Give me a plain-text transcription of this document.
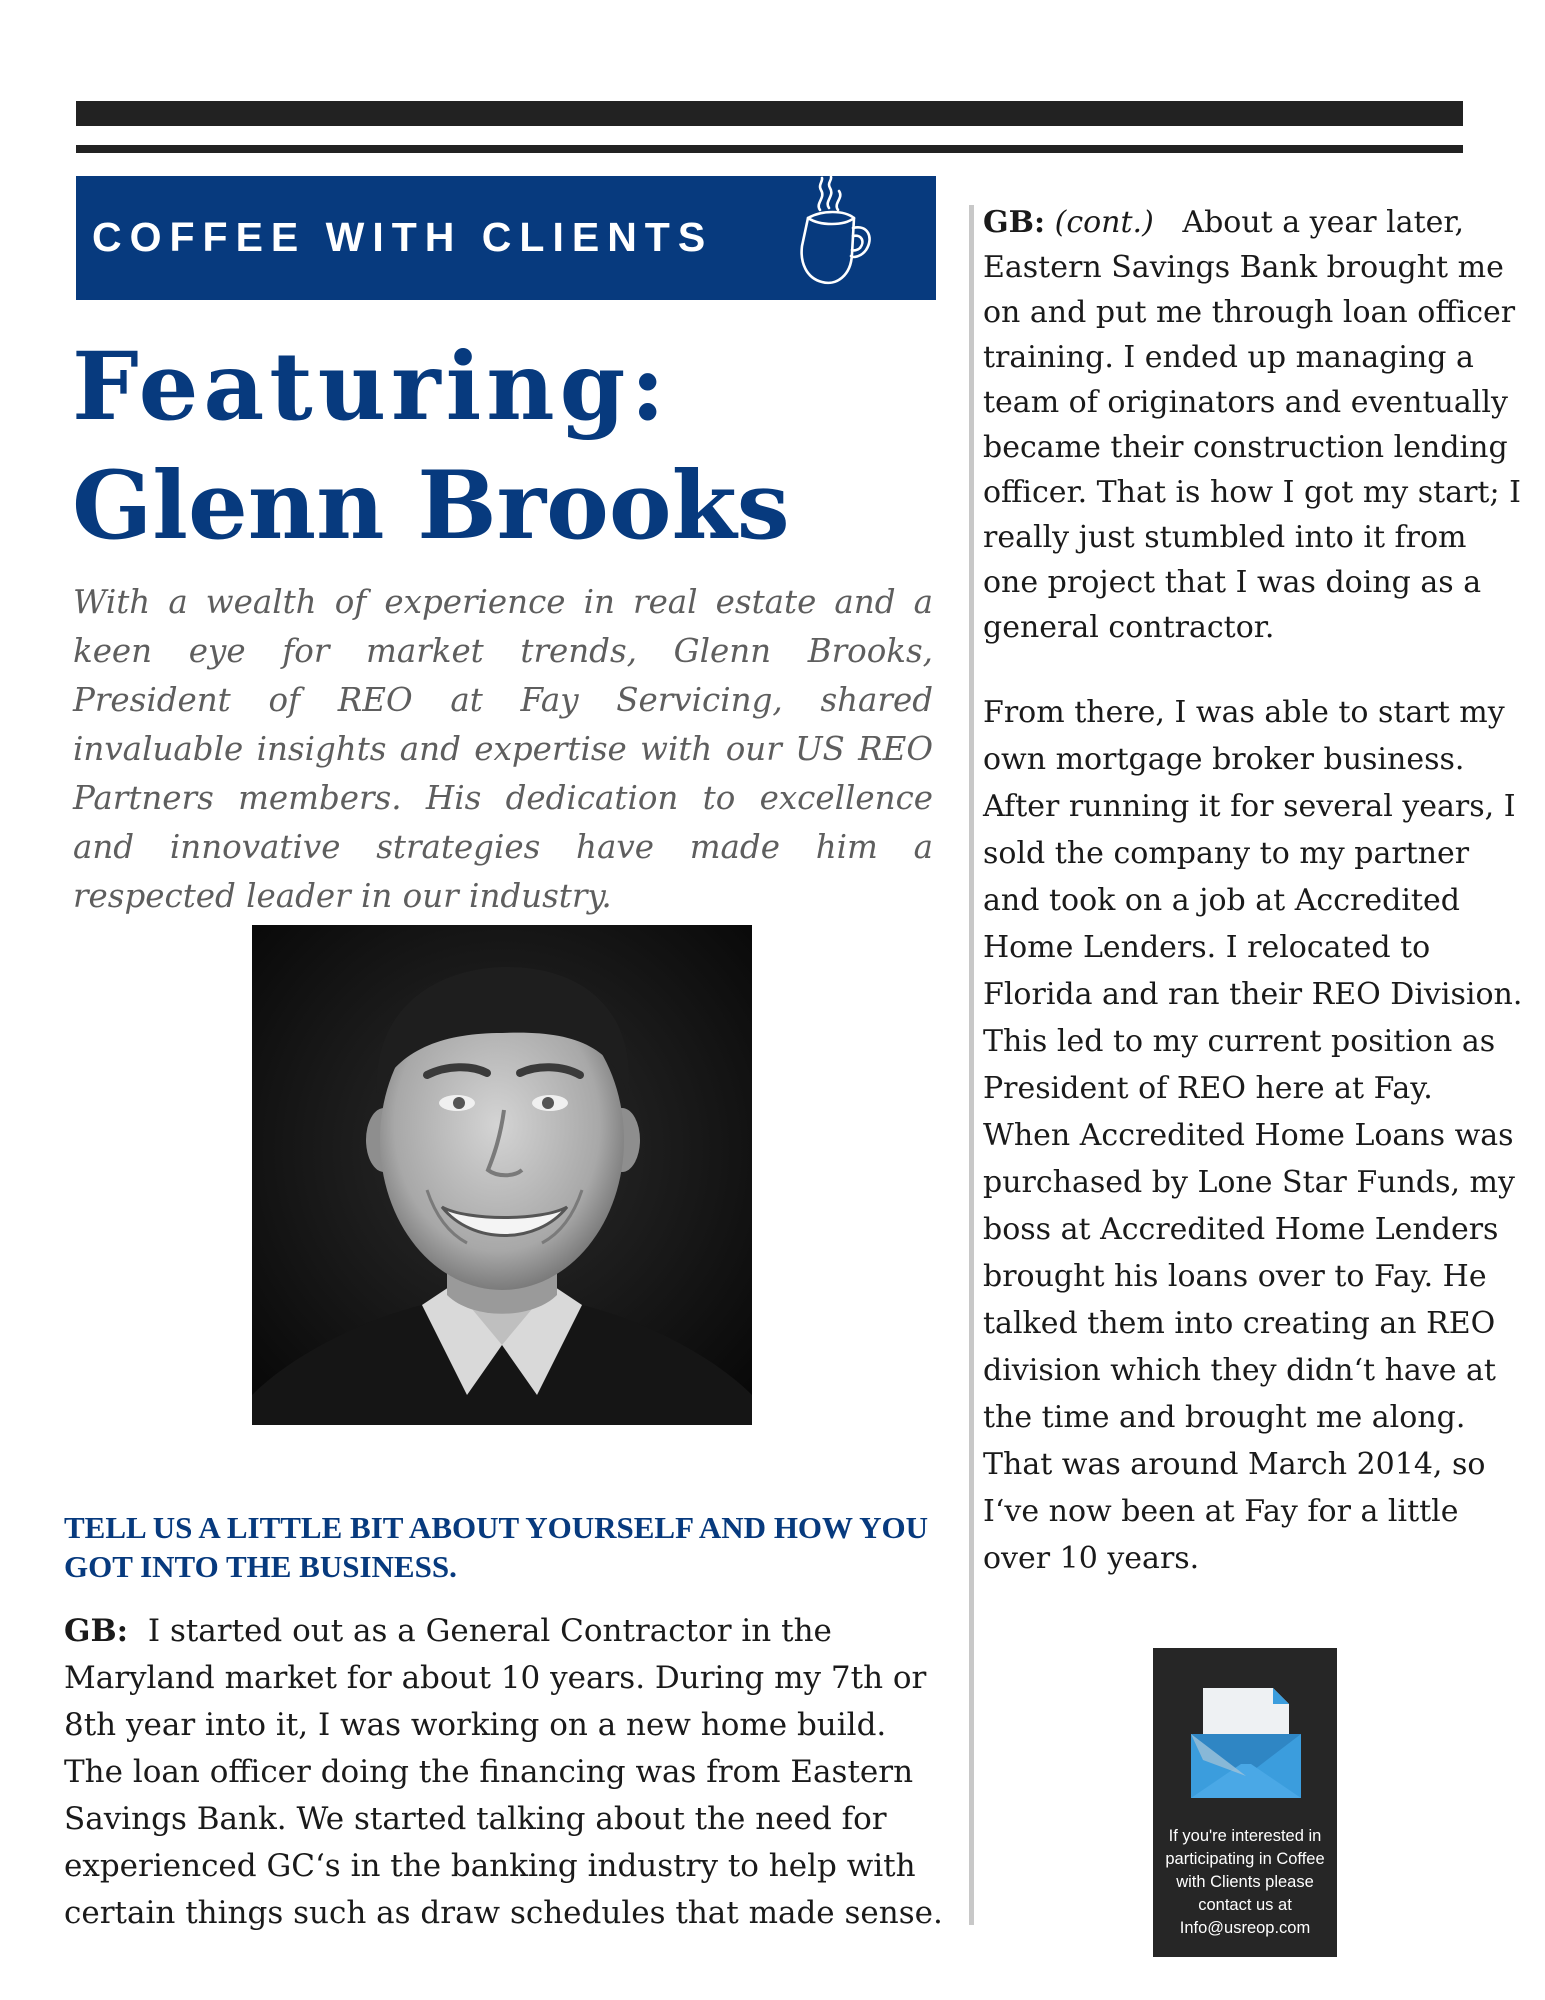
COFFEE WITH CLIENTS
Featuring:
Glenn Brooks

With a wealth of experience in real estate and a keen eye for market trends, Glenn Brooks, President of REO at Fay Servicing, shared invaluable insights and expertise with our US REO Partners members. His dedication to excellence and innovative strategies have made him a respected leader in our industry.

TELL US A LITTLE BIT ABOUT YOURSELF AND HOW YOU GOT INTO THE BUSINESS.

GB: I started out as a General Contractor in the Maryland market for about 10 years. During my 7th or 8th year into it, I was working on a new home build. The loan officer doing the financing was from Eastern Savings Bank. We started talking about the need for experienced GC‘s in the banking industry to help with certain things such as draw schedules that made sense.

GB: (cont.) About a year later, Eastern Savings Bank brought me on and put me through loan officer training. I ended up managing a team of originators and eventually became their construction lending officer. That is how I got my start; I really just stumbled into it from one project that I was doing as a general contractor.

From there, I was able to start my own mortgage broker business. After running it for several years, I sold the company to my partner and took on a job at Accredited Home Lenders. I relocated to Florida and ran their REO Division. This led to my current position as President of REO here at Fay. When Accredited Home Loans was purchased by Lone Star Funds, my boss at Accredited Home Lenders brought his loans over to Fay. He talked them into creating an REO division which they didn‘t have at the time and brought me along. That was around March 2014, so I‘ve now been at Fay for a little over 10 years.

If you're interested in participating in Coffee with Clients please contact us at Info@usreop.com
